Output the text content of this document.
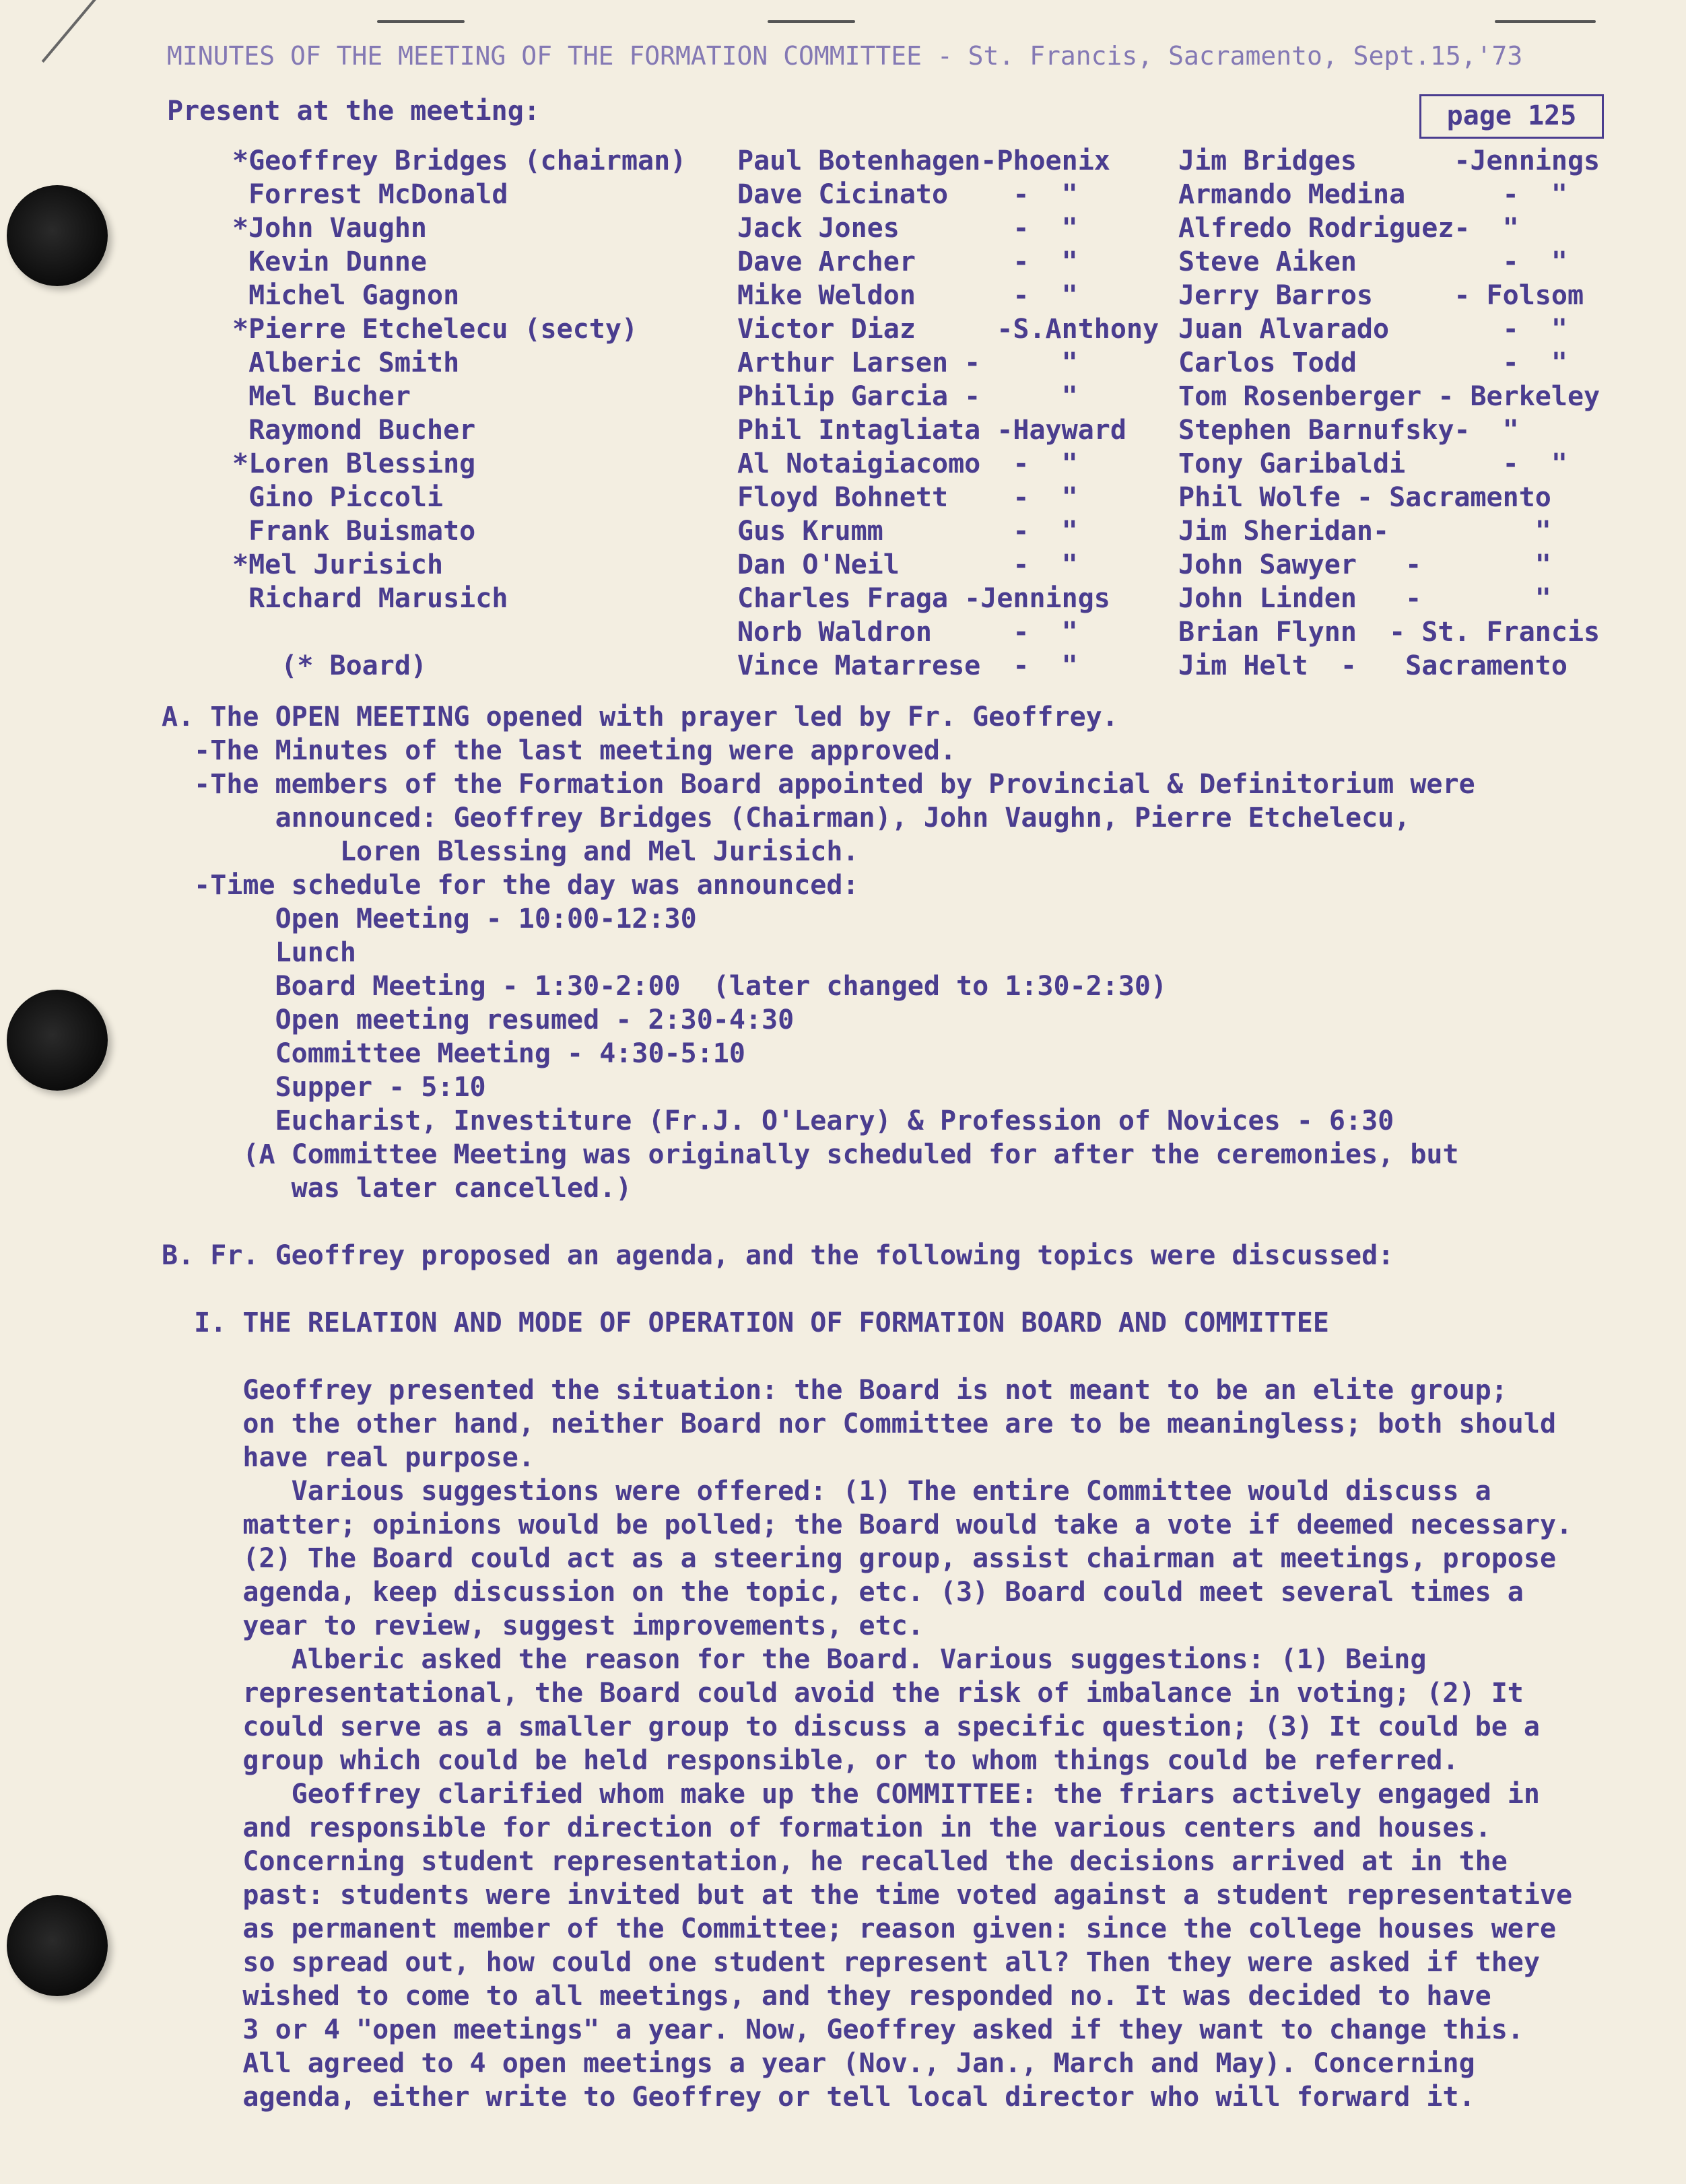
MINUTES OF THE MEETING OF THE FORMATION COMMITTEE - St. Francis, Sacramento, Sept.15,'73
page 125
Present at the meeting:
*Geoffrey Bridges (chairman)
Forrest McDonald
*John Vaughn
Kevin Dunne
Michel Gagnon
*Pierre Etchelecu (secty)
Alberic Smith
Mel Bucher
Raymond Bucher
*Loren Blessing
Gino Piccoli
Frank Buismato
*Mel Jurisich
Richard Marusich
(* Board)
Paul Botenhagen-Phoenix
Dave Cicinato    -  "
Jack Jones       -  "
Dave Archer      -  "
Mike Weldon      -  "
Victor Diaz     -S.Anthony
Arthur Larsen -     "
Philip Garcia -     "
Phil Intagliata -Hayward
Al Notaigiacomo  -  "
Floyd Bohnett    -  "
Gus Krumm        -  "
Dan O'Neil       -  "
Charles Fraga -Jennings
Norb Waldron     -  "
Vince Matarrese  -  "
Jim Bridges      -Jennings
Armando Medina      -  "
Alfredo Rodriguez-  "
Steve Aiken         -  "
Jerry Barros     - Folsom
Juan Alvarado       -  "
Carlos Todd         -  "
Tom Rosenberger - Berkeley
Stephen Barnufsky-  "
Tony Garibaldi      -  "
Phil Wolfe - Sacramento
Jim Sheridan-         "
John Sawyer   -       "
John Linden   -       "
Brian Flynn  - St. Francis
Jim Helt  -   Sacramento
A. The OPEN MEETING opened with prayer led by Fr. Geoffrey.
-The Minutes of the last meeting were approved.
-The members of the Formation Board appointed by Provincial & Definitorium were
announced: Geoffrey Bridges (Chairman), John Vaughn, Pierre Etchelecu,
Loren Blessing and Mel Jurisich.
-Time schedule for the day was announced:
Open Meeting - 10:00-12:30
Lunch
Board Meeting - 1:30-2:00  (later changed to 1:30-2:30)
Open meeting resumed - 2:30-4:30
Committee Meeting - 4:30-5:10
Supper - 5:10
Eucharist, Investiture (Fr.J. O'Leary) & Profession of Novices - 6:30
(A Committee Meeting was originally scheduled for after the ceremonies, but
was later cancelled.)
B. Fr. Geoffrey proposed an agenda, and the following topics were discussed:
I. THE RELATION AND MODE OF OPERATION OF FORMATION BOARD AND COMMITTEE
Geoffrey presented the situation: the Board is not meant to be an elite group;
on the other hand, neither Board nor Committee are to be meaningless; both should
have real purpose.
Various suggestions were offered: (1) The entire Committee would discuss a
matter; opinions would be polled; the Board would take a vote if deemed necessary.
(2) The Board could act as a steering group, assist chairman at meetings, propose
agenda, keep discussion on the topic, etc. (3) Board could meet several times a
year to review, suggest improvements, etc.
Alberic asked the reason for the Board. Various suggestions: (1) Being
representational, the Board could avoid the risk of imbalance in voting; (2) It
could serve as a smaller group to discuss a specific question; (3) It could be a
group which could be held responsible, or to whom things could be referred.
Geoffrey clarified whom make up the COMMITTEE: the friars actively engaged in
and responsible for direction of formation in the various centers and houses.
Concerning student representation, he recalled the decisions arrived at in the
past: students were invited but at the time voted against a student representative
as permanent member of the Committee; reason given: since the college houses were
so spread out, how could one student represent all? Then they were asked if they
wished to come to all meetings, and they responded no. It was decided to have
3 or 4 "open meetings" a year. Now, Geoffrey asked if they want to change this.
All agreed to 4 open meetings a year (Nov., Jan., March and May). Concerning
agenda, either write to Geoffrey or tell local director who will forward it.
